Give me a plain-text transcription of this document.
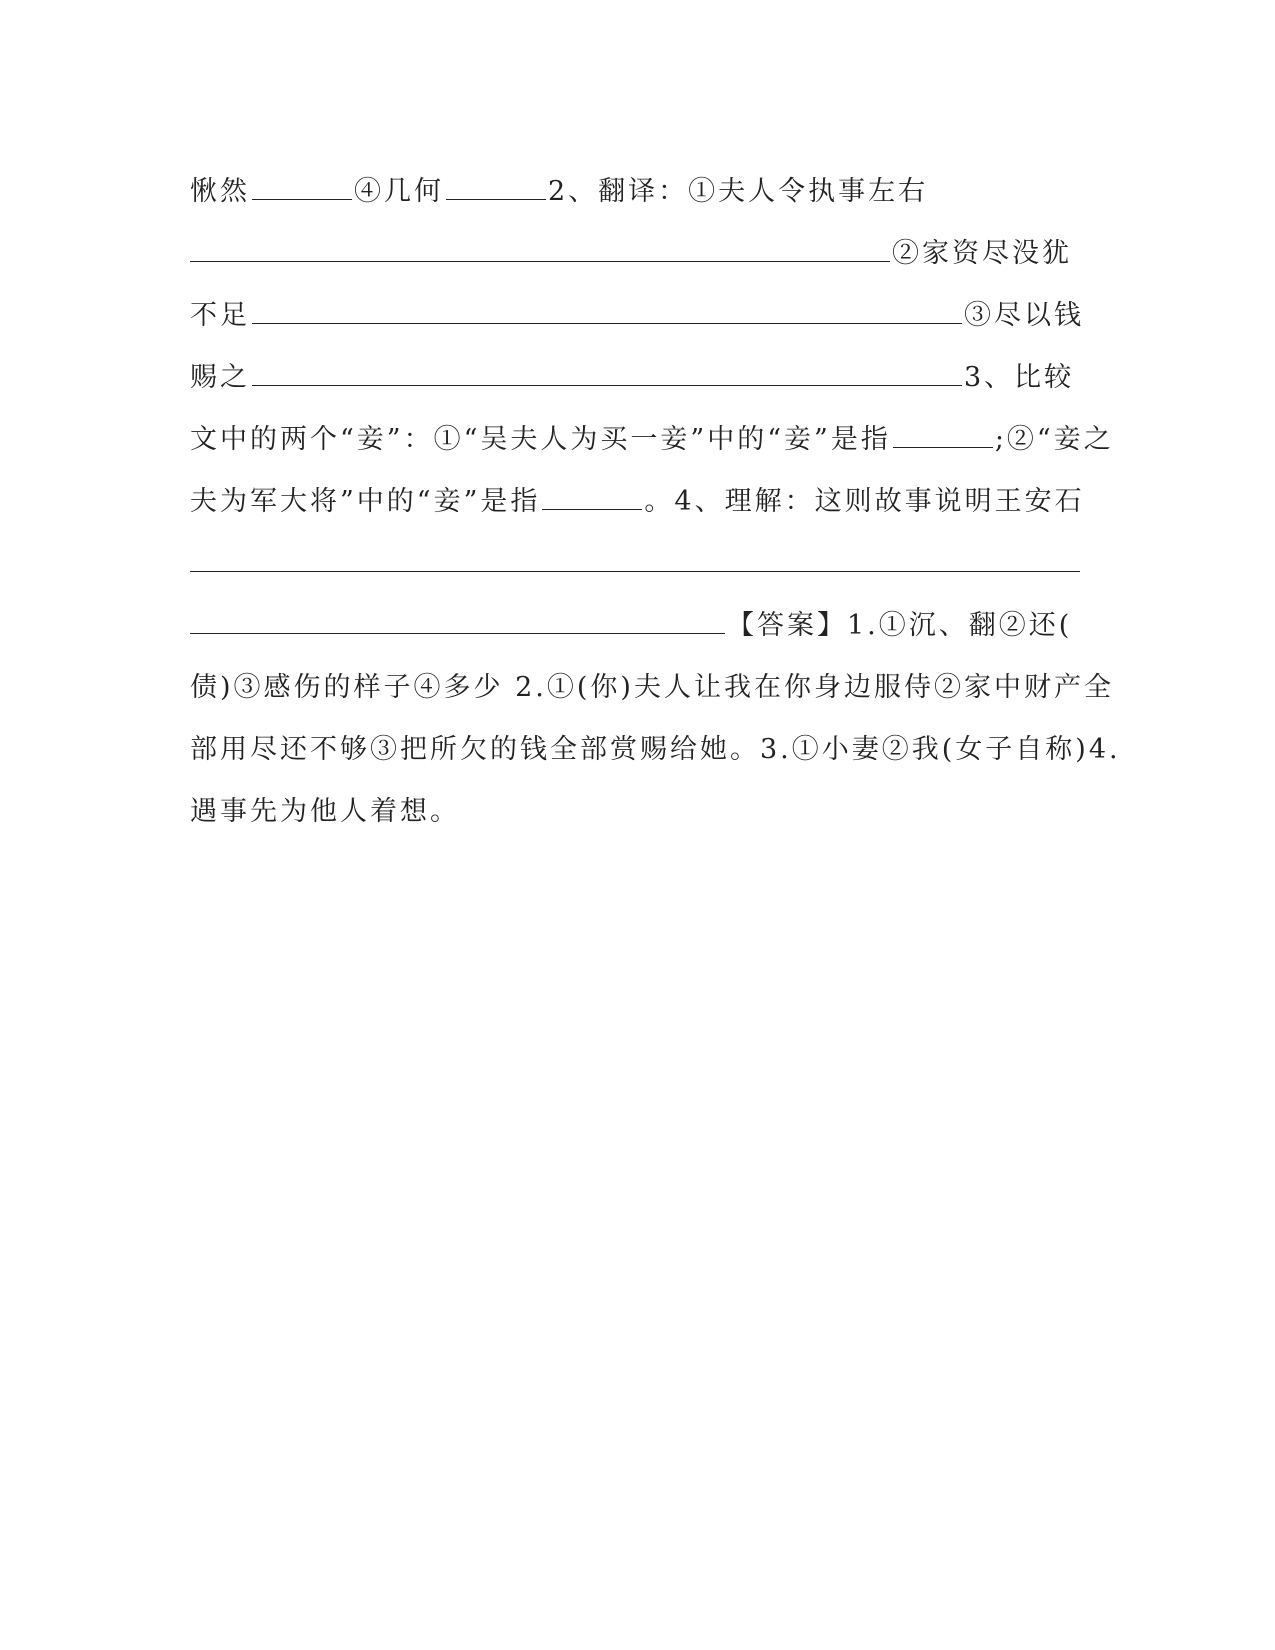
愀然	④几何	2、翻译：①夫人令执事左右
②家资尽没犹
不足	③尽以钱
赐之	3、比较
文中的两个“妾”：①“吴夫人为买一妾”中的“妾”是指	;②“妾之
夫为军大将”中的“妾”是指	。4、理解：这则故事说明王安石
【答案】1.①沉、翻②还(
债)③感伤的样子④多少 2.①(你)夫人让我在你身边服侍②家中财产全
部用尽还不够③把所欠的钱全部赏赐给她。3.①小妻②我(女子自称)4.
遇事先为他人着想。
